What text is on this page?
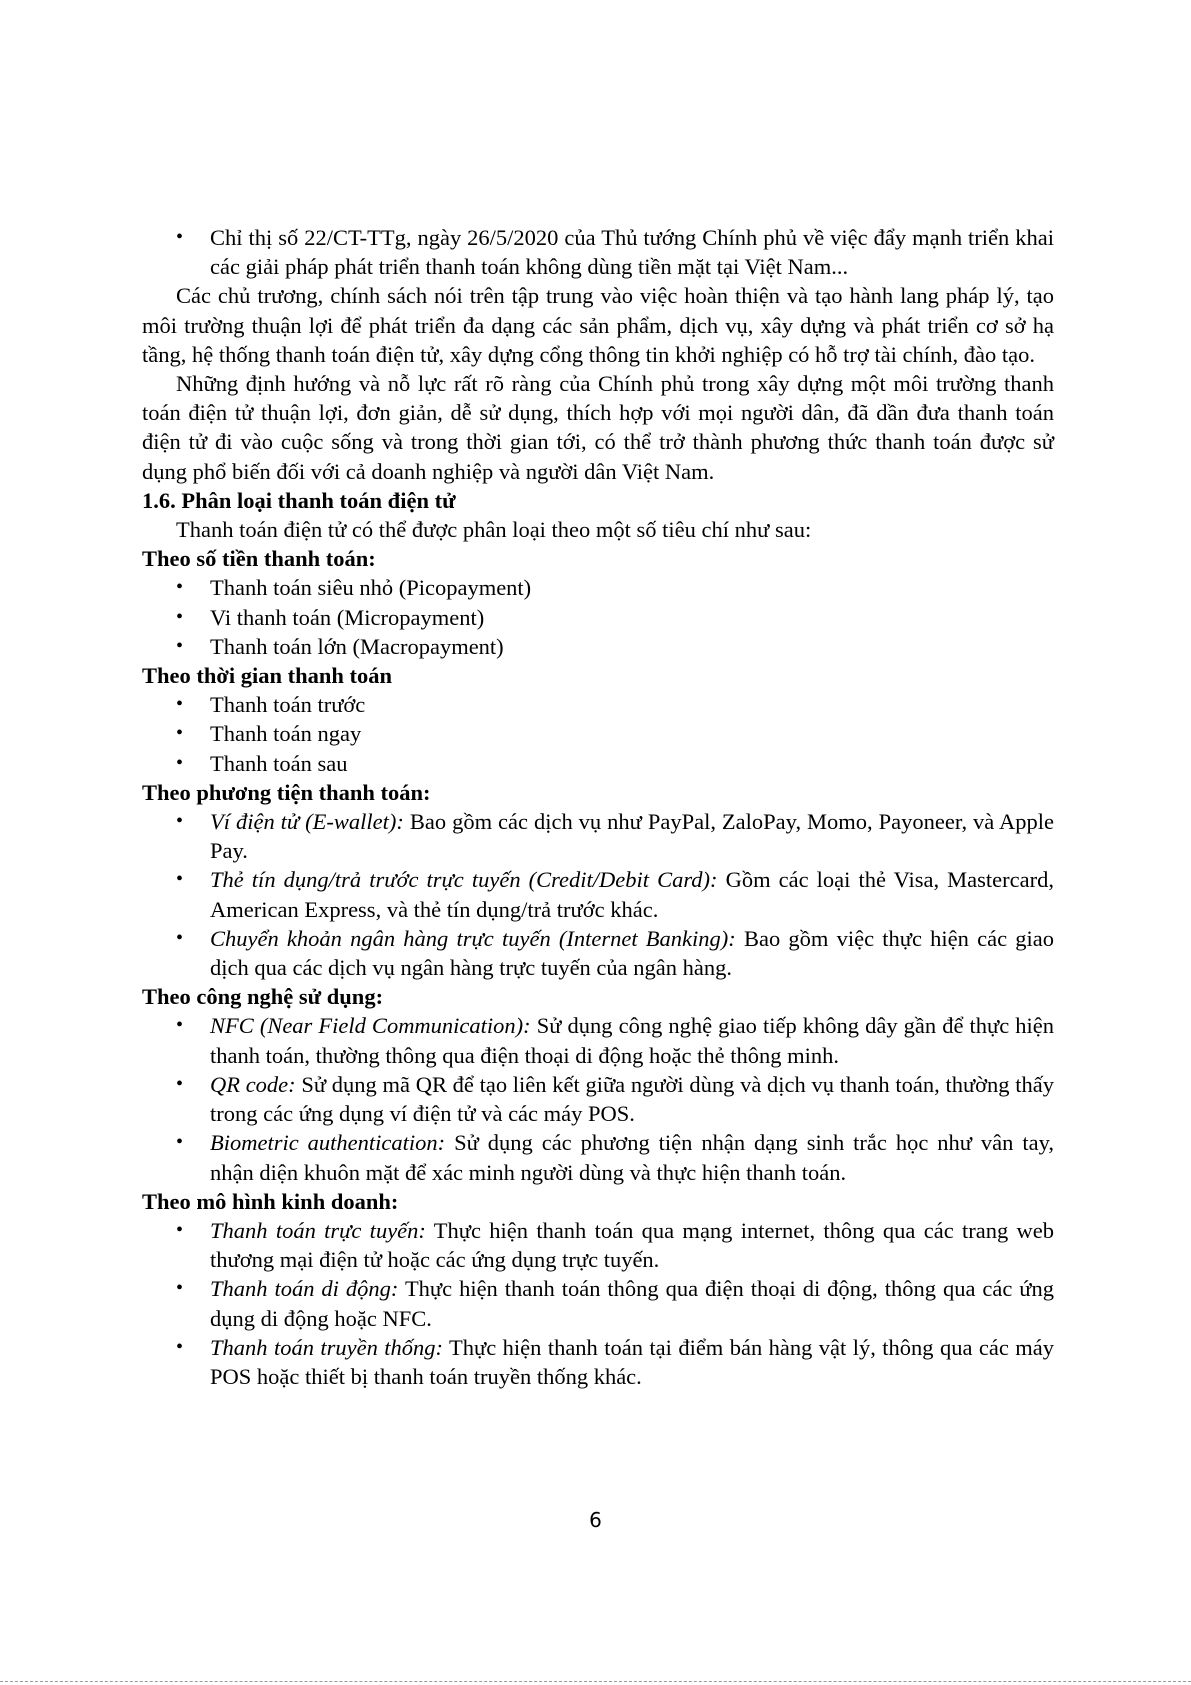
• Chỉ thị số 22/CT-TTg, ngày 26/5/2020 của Thủ tướng Chính phủ về việc đẩy mạnh triển khai các giải pháp phát triển thanh toán không dùng tiền mặt tại Việt Nam...

Các chủ trương, chính sách nói trên tập trung vào việc hoàn thiện và tạo hành lang pháp lý, tạo môi trường thuận lợi để phát triển đa dạng các sản phẩm, dịch vụ, xây dựng và phát triển cơ sở hạ tầng, hệ thống thanh toán điện tử, xây dựng cổng thông tin khởi nghiệp có hỗ trợ tài chính, đào tạo.

Những định hướng và nỗ lực rất rõ ràng của Chính phủ trong xây dựng một môi trường thanh toán điện tử thuận lợi, đơn giản, dễ sử dụng, thích hợp với mọi người dân, đã dần đưa thanh toán điện tử đi vào cuộc sống và trong thời gian tới, có thể trở thành phương thức thanh toán được sử dụng phổ biến đối với cả doanh nghiệp và người dân Việt Nam.

1.6. Phân loại thanh toán điện tử
Thanh toán điện tử có thể được phân loại theo một số tiêu chí như sau:
Theo số tiền thanh toán:
• Thanh toán siêu nhỏ (Picopayment)
• Vi thanh toán (Micropayment)
• Thanh toán lớn (Macropayment)
Theo thời gian thanh toán
• Thanh toán trước
• Thanh toán ngay
• Thanh toán sau
Theo phương tiện thanh toán:
• Ví điện tử (E-wallet): Bao gồm các dịch vụ như PayPal, ZaloPay, Momo, Payoneer, và Apple Pay.
• Thẻ tín dụng/trả trước trực tuyến (Credit/Debit Card): Gồm các loại thẻ Visa, Mastercard, American Express, và thẻ tín dụng/trả trước khác.
• Chuyển khoản ngân hàng trực tuyến (Internet Banking): Bao gồm việc thực hiện các giao dịch qua các dịch vụ ngân hàng trực tuyến của ngân hàng.
Theo công nghệ sử dụng:
• NFC (Near Field Communication): Sử dụng công nghệ giao tiếp không dây gần để thực hiện thanh toán, thường thông qua điện thoại di động hoặc thẻ thông minh.
• QR code: Sử dụng mã QR để tạo liên kết giữa người dùng và dịch vụ thanh toán, thường thấy trong các ứng dụng ví điện tử và các máy POS.
• Biometric authentication: Sử dụng các phương tiện nhận dạng sinh trắc học như vân tay, nhận diện khuôn mặt để xác minh người dùng và thực hiện thanh toán.
Theo mô hình kinh doanh:
• Thanh toán trực tuyến: Thực hiện thanh toán qua mạng internet, thông qua các trang web thương mại điện tử hoặc các ứng dụng trực tuyến.
• Thanh toán di động: Thực hiện thanh toán thông qua điện thoại di động, thông qua các ứng dụng di động hoặc NFC.
• Thanh toán truyền thống: Thực hiện thanh toán tại điểm bán hàng vật lý, thông qua các máy POS hoặc thiết bị thanh toán truyền thống khác.
6
